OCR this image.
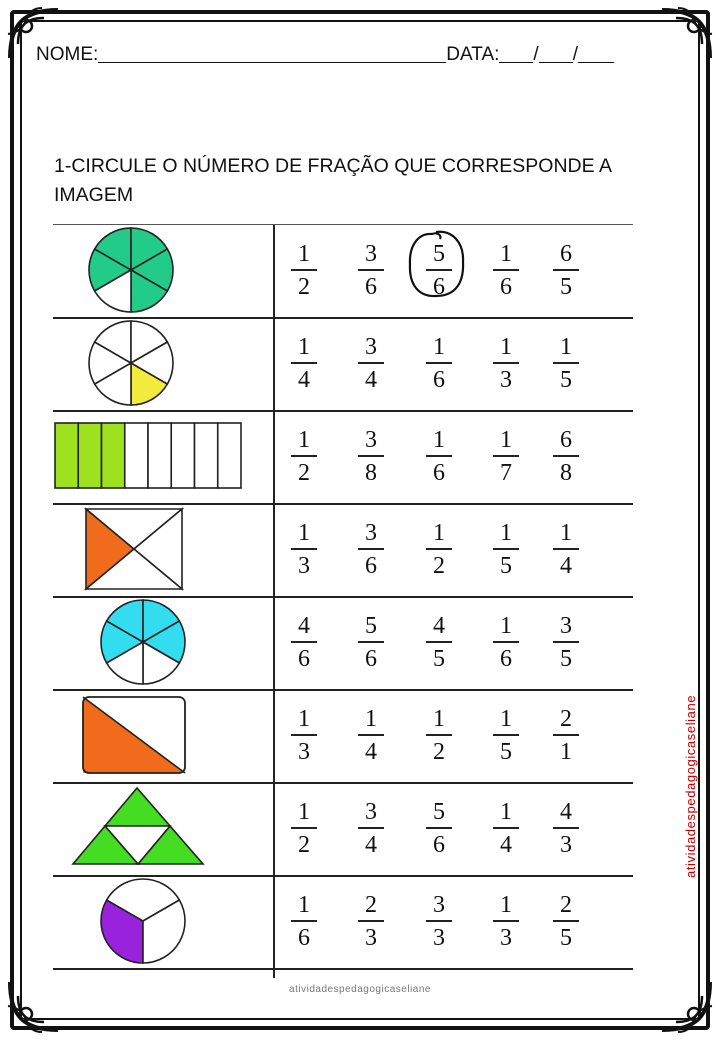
NOME:	DATA: / /
1-CIRCULE O NÚMERO DE FRAÇÃO QUE CORRESPONDE A IMAGEM
1
2
3
6
5
6
1
6
6
5
1
4
3
4
1
6
1
3
1
5
1
2
3
8
1
6
1
7
6
8
1
3
3
6
1
2
1
5
1
4
4
6
5
6
4
5
1
6
3
5
1
3
1
4
1
2
1
5
2
1
1
2
3
4
5
6
1
4
4
3
1
6
2
3
3
3
1
3
2
5
atividadespedagogicaseliane
atividadespedagogicaseliane
